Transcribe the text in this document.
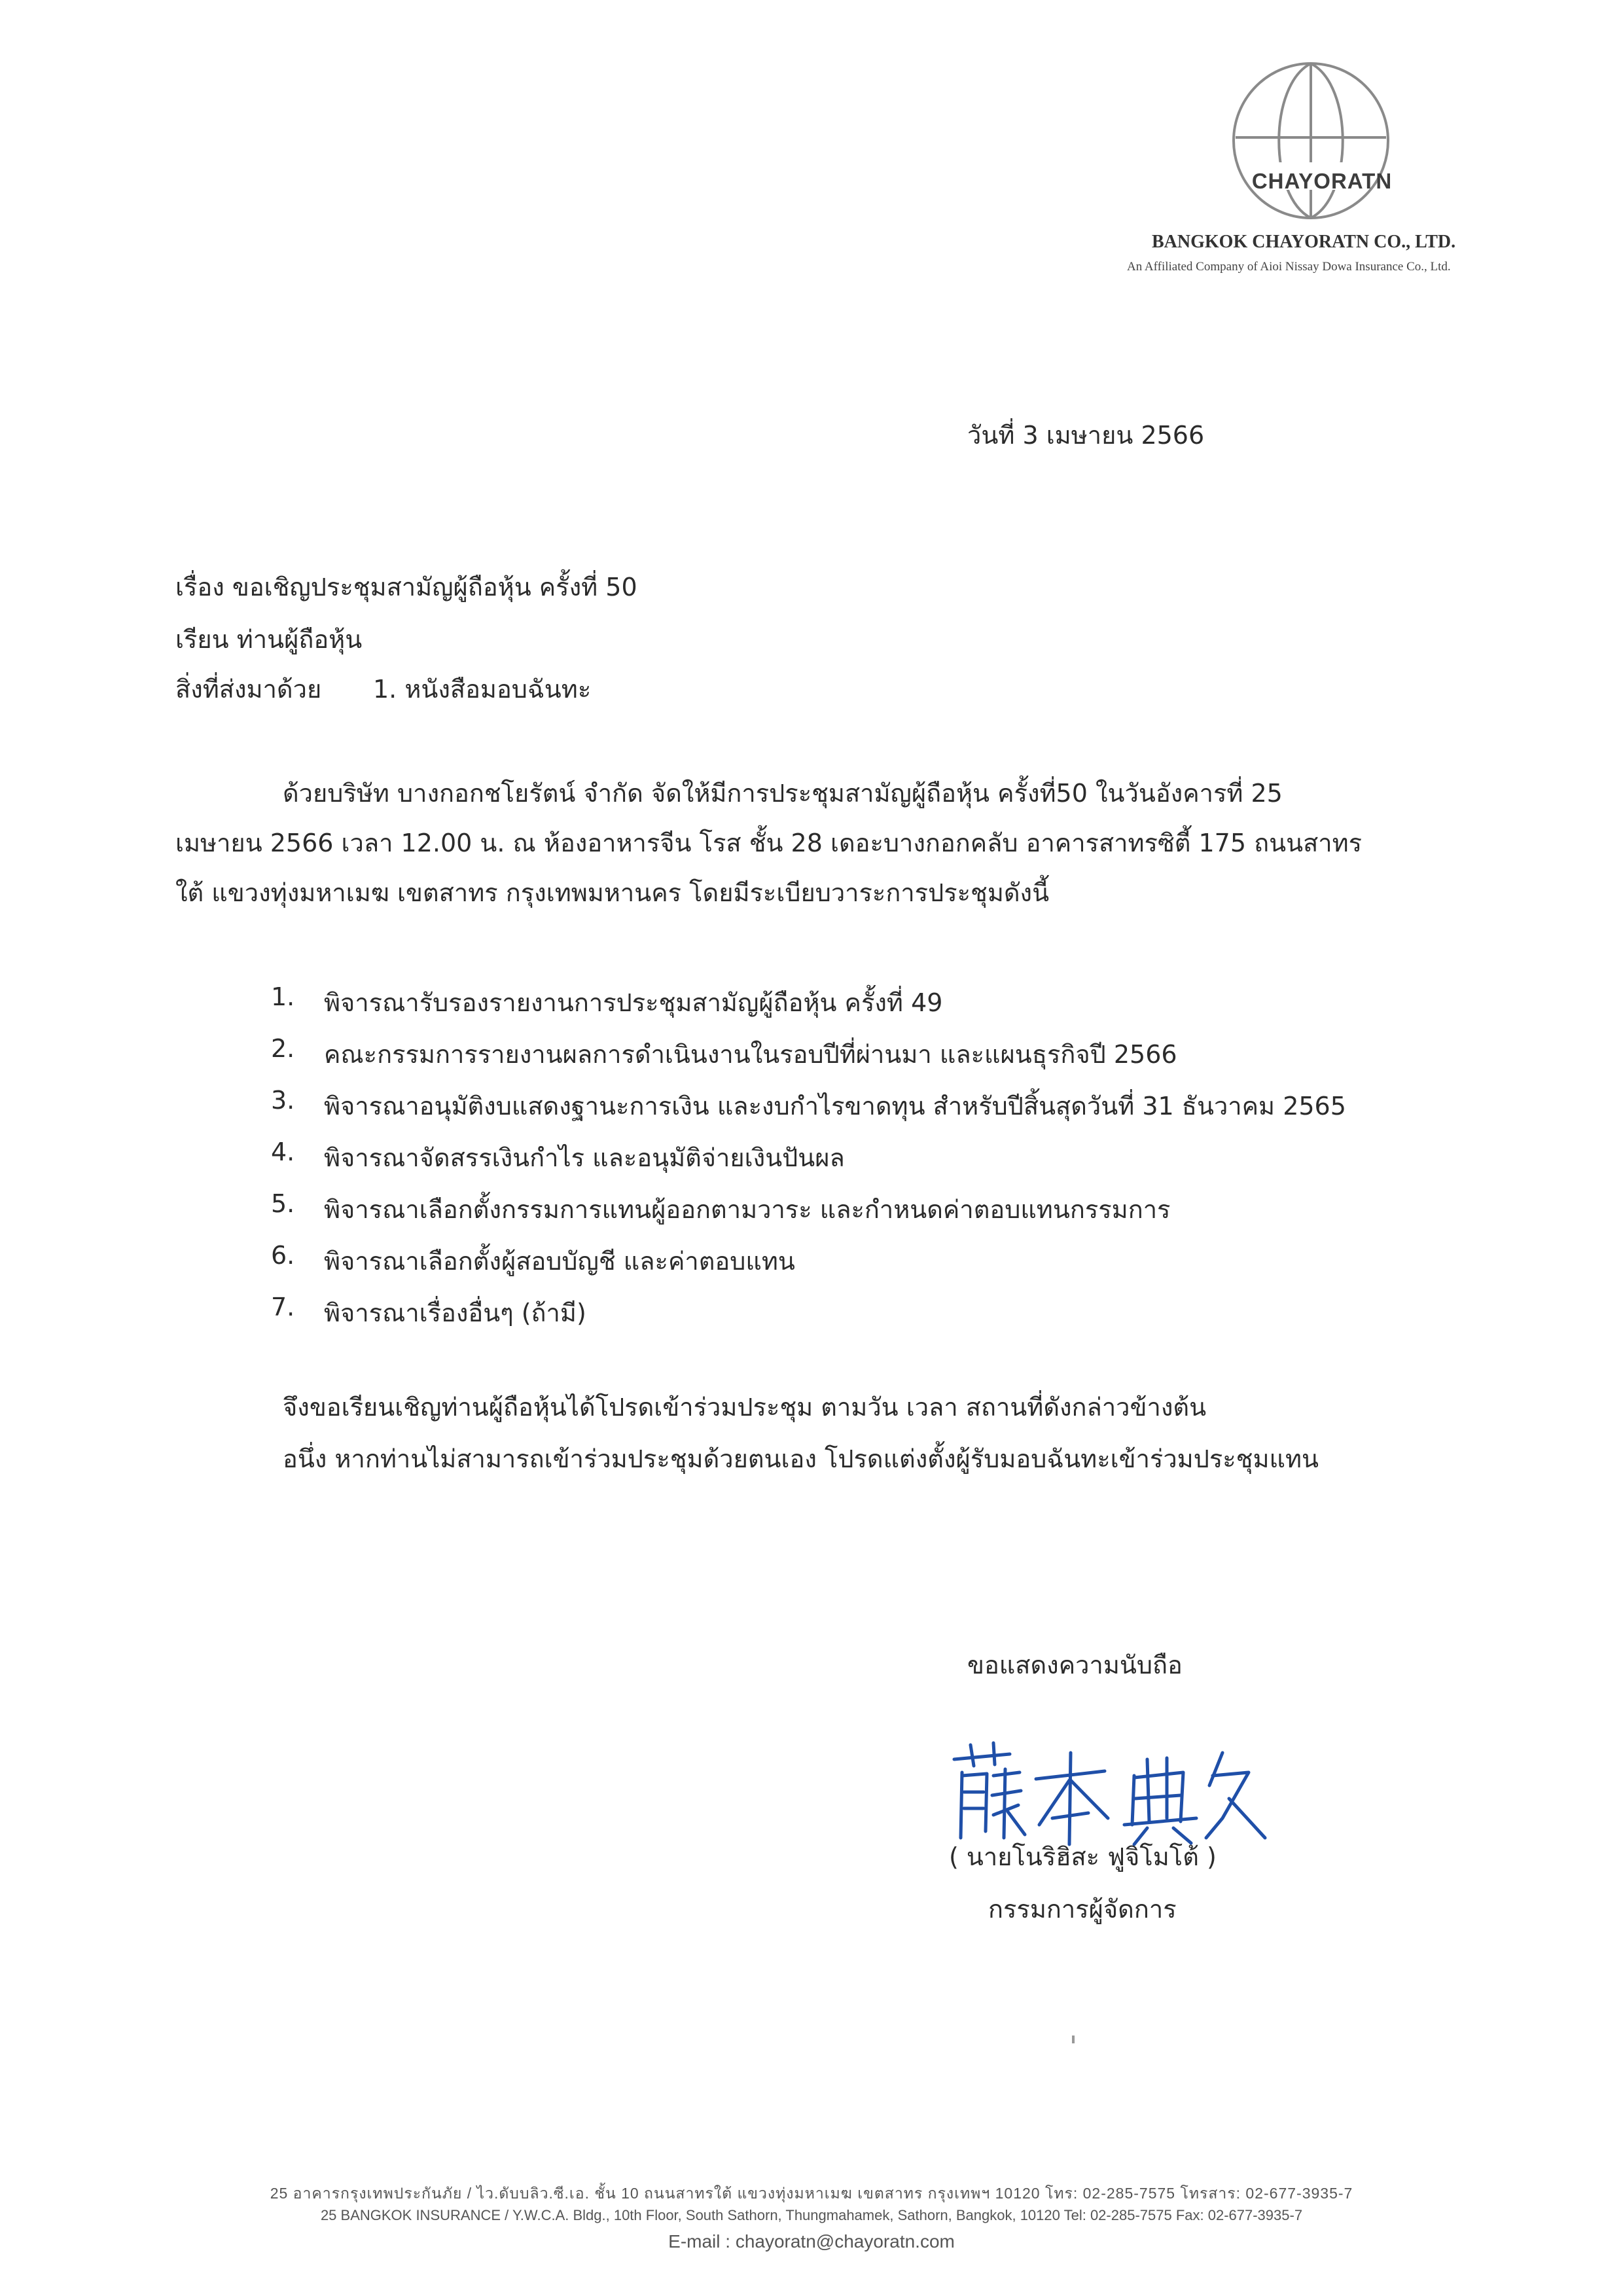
CHAYORATN
BANGKOK CHAYORATN CO., LTD.
An Affiliated Company of Aioi Nissay Dowa Insurance Co., Ltd.
วันที่ 3 เมษายน 2566
เรื่อง ขอเชิญประชุมสามัญผู้ถือหุ้น ครั้งที่ 50
เรียน ท่านผู้ถือหุ้น
สิ่งที่ส่งมาด้วย 1. หนังสือมอบฉันทะ
ด้วยบริษัท บางกอกชโยรัตน์ จำกัด จัดให้มีการประชุมสามัญผู้ถือหุ้น ครั้งที่50 ในวันอังคารที่ 25
เมษายน 2566 เวลา 12.00 น. ณ ห้องอาหารจีน โรส ชั้น 28 เดอะบางกอกคลับ อาคารสาทรซิตี้ 175 ถนนสาทร
ใต้ แขวงทุ่งมหาเมฆ เขตสาทร กรุงเทพมหานคร โดยมีระเบียบวาระการประชุมดังนี้
1. พิจารณารับรองรายงานการประชุมสามัญผู้ถือหุ้น ครั้งที่ 49
2. คณะกรรมการรายงานผลการดำเนินงานในรอบปีที่ผ่านมา และแผนธุรกิจปี 2566
3. พิจารณาอนุมัติงบแสดงฐานะการเงิน และงบกำไรขาดทุน สำหรับปีสิ้นสุดวันที่ 31 ธันวาคม 2565
4. พิจารณาจัดสรรเงินกำไร และอนุมัติจ่ายเงินปันผล
5. พิจารณาเลือกตั้งกรรมการแทนผู้ออกตามวาระ และกำหนดค่าตอบแทนกรรมการ
6. พิจารณาเลือกตั้งผู้สอบบัญชี และค่าตอบแทน
7. พิจารณาเรื่องอื่นๆ (ถ้ามี)
จึงขอเรียนเชิญท่านผู้ถือหุ้นได้โปรดเข้าร่วมประชุม ตามวัน เวลา สถานที่ดังกล่าวข้างต้น
อนึ่ง หากท่านไม่สามารถเข้าร่วมประชุมด้วยตนเอง โปรดแต่งตั้งผู้รับมอบฉันทะเข้าร่วมประชุมแทน
ขอแสดงความนับถือ
( นายโนริฮิสะ ฟูจิโมโต้ )
กรรมการผู้จัดการ
25 อาคารกรุงเทพประกันภัย / ไว.ดับบลิว.ซี.เอ. ชั้น 10 ถนนสาทรใต้ แขวงทุ่งมหาเมฆ เขตสาทร กรุงเทพฯ 10120 โทร: 02-285-7575 โทรสาร: 02-677-3935-7
25 BANGKOK INSURANCE / Y.W.C.A. Bldg., 10th Floor, South Sathorn, Thungmahamek, Sathorn, Bangkok, 10120 Tel: 02-285-7575 Fax: 02-677-3935-7
E-mail : chayoratn@chayoratn.com
